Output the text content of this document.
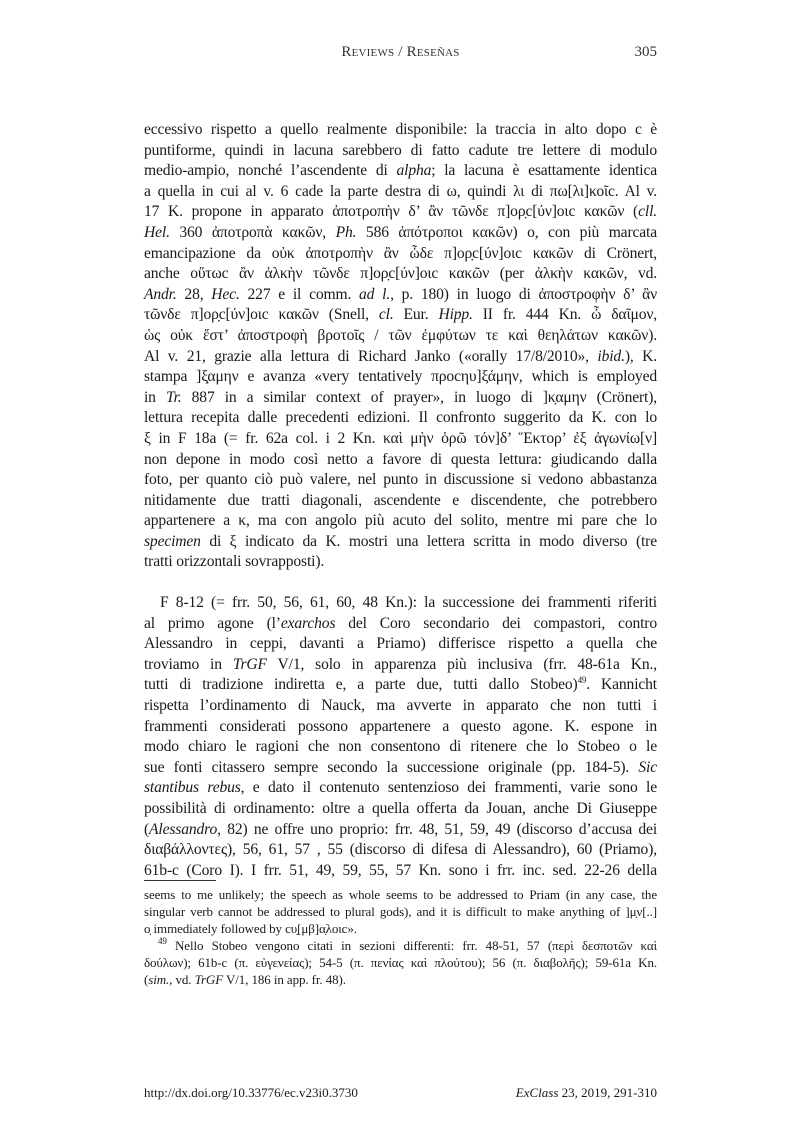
Reviews / Reseñas	305
eccessivo rispetto a quello realmente disponibile: la traccia in alto dopo c è
puntiforme, quindi in lacuna sarebbero di fatto cadute tre lettere di modulo
medio-ampio, nonché l’ascendente di alpha; la lacuna è esattamente identica
a quella in cui al v. 6 cade la parte destra di ω, quindi λι di πω[λι]κοῖc. Al v.
17 K. propone in apparato ἀποτροπὴν δ’ ἂν τῶνδε π]ορ̣c[ύν]οιc κακῶν (cll.
Hel. 360 ἀποτροπὰ κακῶν, Ph. 586 ἀπότροποι κακῶν) o, con più marcata
emancipazione da οὐκ ἀποτροπὴν ἂν ὧδε π]ορ̣c[ύν]οιc κακῶν di Crönert,
anche οὕτωc ἂν ἀλκὴν τῶνδε π]ορ̣c[ύν]οιc κακῶν (per ἀλκὴν κακῶν, vd.
Andr. 28, Hec. 227 e il comm. ad l., p. 180) in luogo di ἀποστροφὴν δ’ ἂν
τῶνδε π]ορ̣c[ύν]οιc κακῶν (Snell, cl. Eur. Hipp. II fr. 444 Kn. ὦ δαῖμον,
ὡς οὐκ ἔστ’ ἀποστροφὴ βροτοῖς / τῶν ἐμφύτων τε καὶ θεηλάτων κακῶν).
Al v. 21, grazie alla lettura di Richard Janko («orally 17/8/2010», ibid.), K.
stampa ]ξ̣αμην e avanza «very tentatively προcηυ]ξάμην, which is employed
in Tr. 887 in a similar context of prayer», in luogo di ]κ̣αμην (Crönert),
lettura recepita dalle precedenti edizioni. Il confronto suggerito da K. con lo
ξ in F 18a (= fr. 62a col. i 2 Kn. καὶ μὴν ὁρῶ τόν]δ’ Ἕκτορ’ ἐξ ἀγωνίω[ν]
non depone in modo così netto a favore di questa lettura: giudicando dalla
foto, per quanto ciò può valere, nel punto in discussione si vedono abbastanza
nitidamente due tratti diagonali, ascendente e discendente, che potrebbero
appartenere a κ, ma con angolo più acuto del solito, mentre mi pare che lo
specimen di ξ indicato da K. mostri una lettera scritta in modo diverso (tre
tratti orizzontali sovrapposti).
F 8-12 (= frr. 50, 56, 61, 60, 48 Kn.): la successione dei frammenti riferiti
al primo agone (l’exarchos del Coro secondario dei compastori, contro
Alessandro in ceppi, davanti a Priamo) differisce rispetto a quella che
troviamo in TrGF V/1, solo in apparenza più inclusiva (frr. 48-61a Kn.,
tutti di tradizione indiretta e, a parte due, tutti dallo Stobeo)$^{49}$. Kannicht
rispetta l’ordinamento di Nauck, ma avverte in apparato che non tutti i
frammenti considerati possono appartenere a questo agone. K. espone in
modo chiaro le ragioni che non consentono di ritenere che lo Stobeo o le
sue fonti citassero sempre secondo la successione originale (pp. 184-5). Sic
stantibus rebus, e dato il contenuto sentenzioso dei frammenti, varie sono le
possibilità di ordinamento: oltre a quella offerta da Jouan, anche Di Giuseppe
(Alessandro, 82) ne offre uno proprio: frr. 48, 51, 59, 49 (discorso d’accusa dei
διαβάλλοντες), 56, 61, 57 , 55 (discorso di difesa di Alessandro), 60 (Priamo),
61b-c (Coro I). I frr. 51, 49, 59, 55, 57 Kn. sono i frr. inc. sed. 22-26 della
seems to me unlikely; the speech as whole seems to be addressed to Priam (in any case, the
singular verb cannot be addressed to plural gods), and it is difficult to make anything of ]μ̣ν[..]
ο̣ immediately followed by cυ̣[μβ]α̣λοιc».
$^{49}$ Nello Stobeo vengono citati in sezioni differenti: frr. 48-51, 57 (περὶ δεσποτῶν καὶ
δούλων); 61b-c (π. εὐγενείας); 54-5 (π. πενίας καὶ πλούτου); 56 (π. διαβολῆς); 59-61a Kn.
(sim., vd. TrGF V/1, 186 in app. fr. 48).
http://dx.doi.org/10.33776/ec.v23i0.3730	ExClass 23, 2019, 291-310
